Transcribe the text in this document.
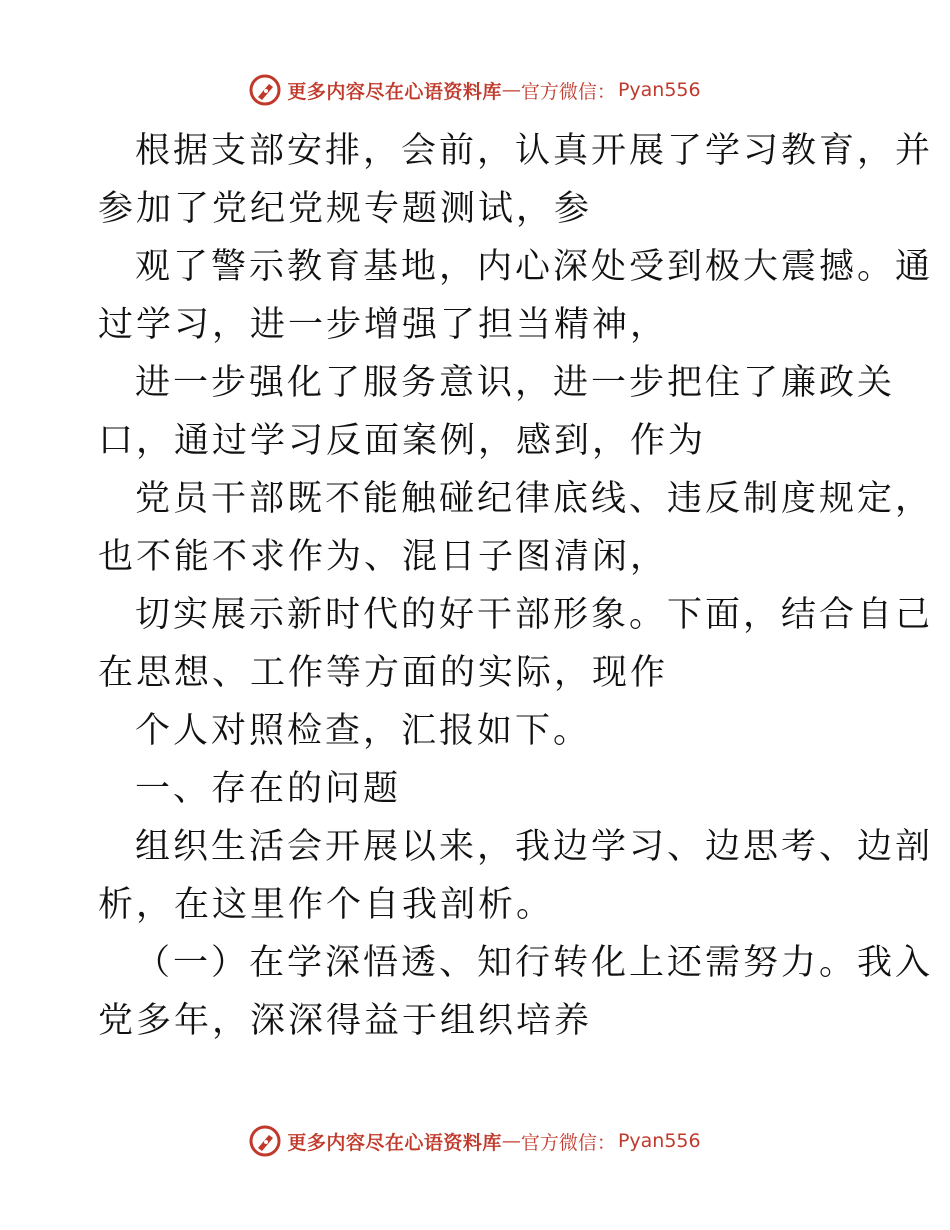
更多内容尽在心语资料库 — 官方微信： Pyan556
根据支部安排，会前，认真开展了学习教育，并
参加了党纪党规专题测试，参
观了警示教育基地，内心深处受到极大震撼。通
过学习，进一步增强了担当精神，
进一步强化了服务意识，进一步把住了廉政关
口，通过学习反面案例，感到，作为
党员干部既不能触碰纪律底线、违反制度规定，
也不能不求作为、混日子图清闲，
切实展示新时代的好干部形象。下面，结合自己
在思想、工作等方面的实际，现作
个人对照检查，汇报如下。
一、存在的问题
组织生活会开展以来，我边学习、边思考、边剖
析，在这里作个自我剖析。
（一）在学深悟透、知行转化上还需努力。我入
党多年，深深得益于组织培养
更多内容尽在心语资料库 — 官方微信： Pyan556
